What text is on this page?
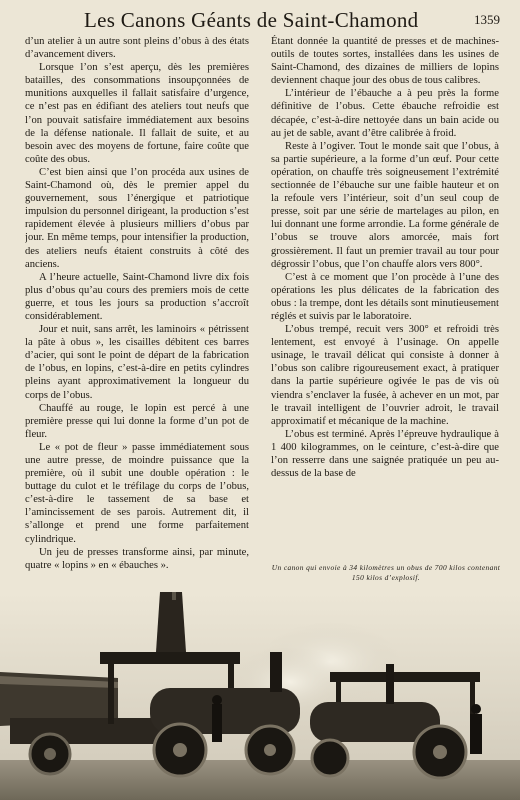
Les Canons Géants de Saint-Chamond	1359

d’un atelier à un autre sont pleins d’obus à des états d’avancement divers.

Lorsque l’on s’est aperçu, dès les premières batailles, des consommations insoupçonnées de munitions auxquelles il fallait satisfaire d’urgence, ce n’est pas en édifiant des ateliers tout neufs que l’on pouvait satisfaire immédiatement aux besoins de la défense nationale. Il fallait de suite, et au besoin avec des moyens de fortune, faire coûte que coûte des obus.

C’est bien ainsi que l’on procéda aux usines de Saint-Chamond où, dès le premier appel du gouvernement, sous l’énergique et patriotique impulsion du personnel dirigeant, la production s’est rapidement élevée à plusieurs milliers d’obus par jour. En même temps, pour intensifier la production, des ateliers neufs étaient construits à côté des anciens.

A l’heure actuelle, Saint-Chamond livre dix fois plus d’obus qu’au cours des premiers mois de cette guerre, et tous les jours sa production s’accroît considérablement.

Jour et nuit, sans arrêt, les laminoirs « pétrissent la pâte à obus », les cisailles débitent ces barres d’acier, qui sont le point de départ de la fabrication de l’obus, en lopins, c’est-à-dire en petits cylindres pleins ayant approximativement la longueur du corps de l’obus.

Chauffé au rouge, le lopin est percé à une première presse qui lui donne la forme d’un pot de fleur.

Le « pot de fleur » passe immédiatement sous une autre presse, de moindre puissance que la première, où il subit une double opération : le buttage du culot et le tréfilage du corps de l’obus, c’est-à-dire le tassement de sa base et l’amincissement de ses parois. Autrement dit, il s’allonge et prend une forme parfaitement cylindrique.

Un jeu de presses transforme ainsi, par minute, quatre « lopins » en « ébauches ».

Étant donnée la quantité de presses et de machines-outils de toutes sortes, installées dans les usines de Saint-Chamond, des dizaines de milliers de lopins deviennent chaque jour des obus de tous calibres.

L’intérieur de l’ébauche a à peu près la forme définitive de l’obus. Cette ébauche refroidie est décapée, c’est-à-dire nettoyée dans un bain acide ou au jet de sable, avant d’être calibrée à froid.

Reste à l’ogiver. Tout le monde sait que l’obus, à sa partie supérieure, a la forme d’un œuf. Pour cette opération, on chauffe très soigneusement l’extrémité sectionnée de l’ébauche sur une faible hauteur et on la refoule vers l’intérieur, soit d’un seul coup de presse, soit par une série de martelages au pilon, en lui donnant une forme arrondie. La forme générale de l’obus se trouve alors amorcée, mais fort grossièrement. Il faut un premier travail au tour pour dégrossir l’obus, que l’on chauffe alors vers 800°.

C’est à ce moment que l’on procède à l’une des opérations les plus délicates de la fabrication des obus : la trempe, dont les détails sont minutieusement réglés et suivis par le laboratoire.

L’obus trempé, recuit vers 300° et refroidi très lentement, est envoyé à l’usinage. On appelle usinage, le travail délicat qui consiste à donner à l’obus son calibre rigoureusement exact, à pratiquer dans la partie supérieure ogivée le pas de vis où viendra s’enclaver la fusée, à achever en un mot, par le travail intelligent de l’ouvrier adroit, le travail approximatif et mécanique de la machine.

L’obus est terminé. Après l’épreuve hydraulique à 1 400 kilogrammes, on le ceinture, c’est-à-dire que l’on resserre dans une saignée pratiquée un peu au-dessus de la base de

Un canon qui envoie à 34 kilomètres un obus de 700 kilos contenant 150 kilos d’explosif.
